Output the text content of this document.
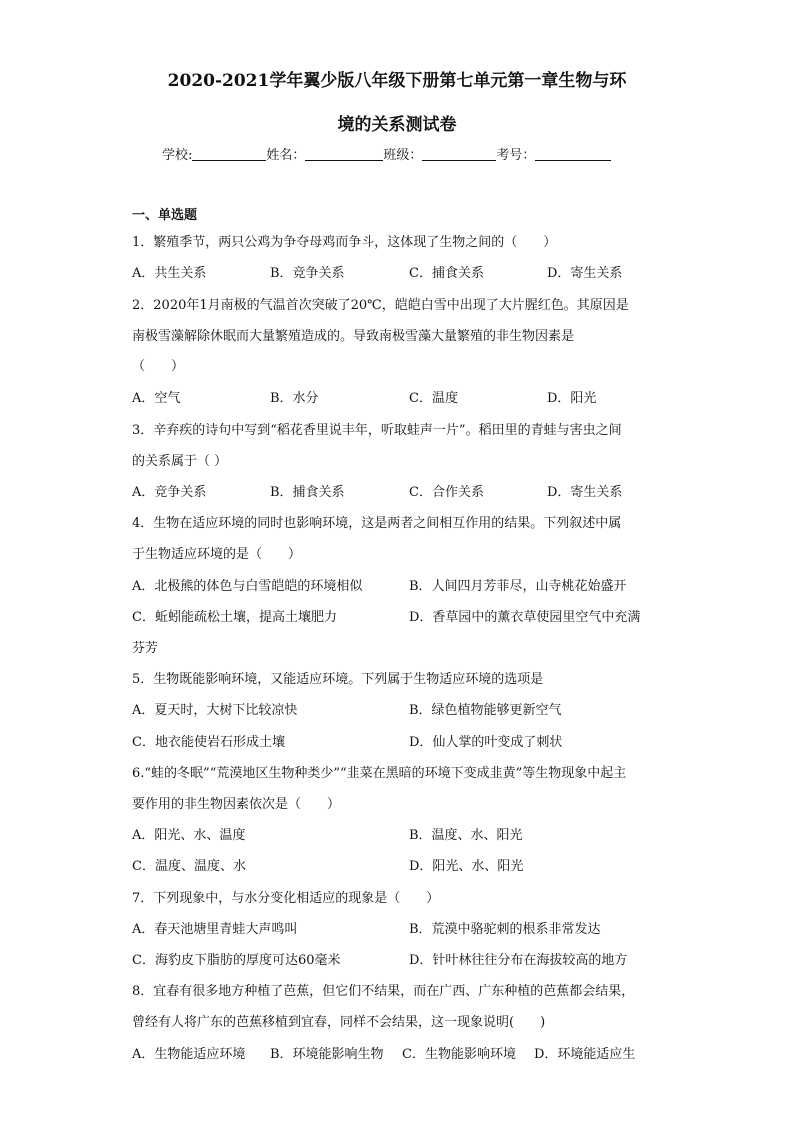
2020-2021学年翼少版八年级下册第七单元第一章生物与环
境的关系测试卷
学校:	姓名：	班级：	考号：
一、单选题
1．繁殖季节，两只公鸡为争夺母鸡而争斗，这体现了生物之间的（　　）
A．共生关系	B．竞争关系	C．捕食关系	D．寄生关系
2．2020年1月南极的气温首次突破了20℃，皑皑白雪中出现了大片腥红色。其原因是
南极雪藻解除休眠而大量繁殖造成的。导致南极雪藻大量繁殖的非生物因素是
（　　）
A．空气	B．水分	C．温度	D．阳光
3．辛弃疾的诗句中写到“稻花香里说丰年，听取蛙声一片”。稻田里的青蛙与害虫之间
的关系属于（ ）
A．竞争关系	B．捕食关系	C．合作关系	D．寄生关系
4．生物在适应环境的同时也影响环境，这是两者之间相互作用的结果。下列叙述中属
于生物适应环境的是（　　）
A．北极熊的体色与白雪皑皑的环境相似	B．人间四月芳菲尽，山寺桃花始盛开
C．蚯蚓能疏松土壤，提高土壤肥力	D．香草园中的薰衣草使园里空气中充满
芬芳
5．生物既能影响环境，又能适应环境。下列属于生物适应环境的选项是
A．夏天时，大树下比较凉快	B．绿色植物能够更新空气
C．地衣能使岩石形成土壤	D．仙人掌的叶变成了刺状
6.“蛙的冬眠”“荒漠地区生物种类少”“韭菜在黑暗的环境下变成韭黄”等生物现象中起主
要作用的非生物因素依次是（　　）
A．阳光、水、温度	B．温度、水、阳光
C．温度、温度、水	D．阳光、水、阳光
7．下列现象中，与水分变化相适应的现象是（　　）
A．春天池塘里青蛙大声鸣叫	B．荒漠中骆驼刺的根系非常发达
C．海豹皮下脂肪的厚度可达60毫米	D．针叶林往往分布在海拔较高的地方
8．宜春有很多地方种植了芭蕉，但它们不结果，而在广西、广东种植的芭蕉都会结果，
曾经有人将广东的芭蕉移植到宜春，同样不会结果，这一现象说明(　　)
A．生物能适应环境 B．环境能影响生物 C．生物能影响环境 D．环境能适应生
